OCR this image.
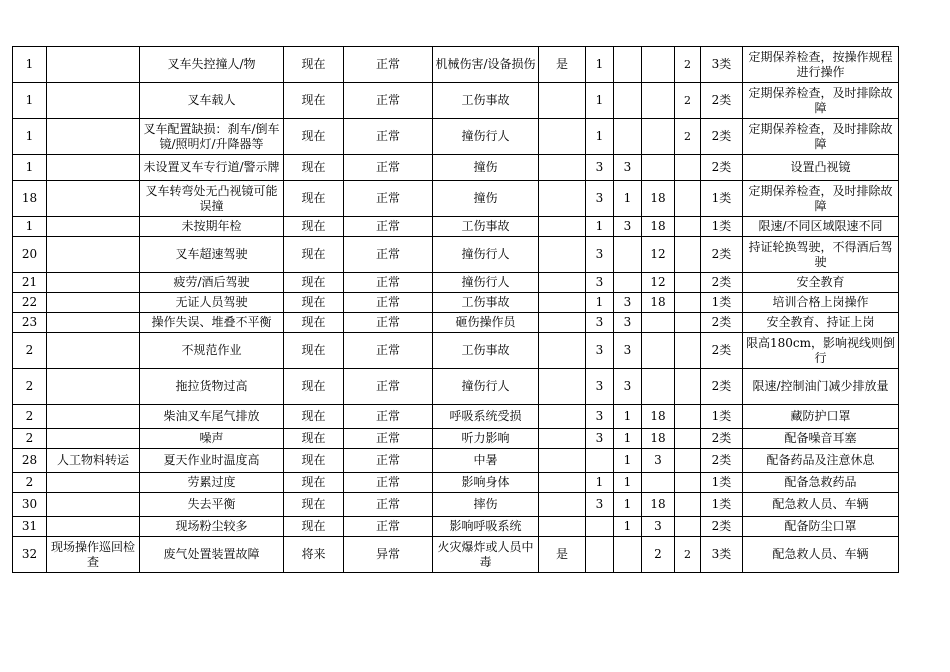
1		叉车失控撞人/物	现在	正常	机械伤害/设备损伤	是	1			2	3类	定期保养检查，按操作规程进行操作
1		叉车载人	现在	正常	工伤事故		1			2	2类	定期保养检查，及时排除故障
1		叉车配置缺损：刹车/倒车镜/照明灯/升降器等	现在	正常	撞伤行人		1			2	2类	定期保养检查，及时排除故障
1		未设置叉车专行道/警示牌	现在	正常	撞伤		3	3			2类	设置凸视镜
18		叉车转弯处无凸视镜可能误撞	现在	正常	撞伤		3	1	18		1类	定期保养检查，及时排除故障
1		未按期年检	现在	正常	工伤事故		1	3	18		1类	限速/不同区域限速不同
20		叉车超速驾驶	现在	正常	撞伤行人		3		12		2类	持证轮换驾驶，不得酒后驾驶
21		疲劳/酒后驾驶	现在	正常	撞伤行人		3		12		2类	安全教育
22		无证人员驾驶	现在	正常	工伤事故		1	3	18		1类	培训合格上岗操作
23		操作失误、堆叠不平衡	现在	正常	砸伤操作员		3	3			2类	安全教育、持证上岗
2		不规范作业	现在	正常	工伤事故		3	3			2类	限高180cm，影响视线则倒行
2		拖拉货物过高	现在	正常	撞伤行人		3	3			2类	限速/控制油门减少排放量
2		柴油叉车尾气排放	现在	正常	呼吸系统受损		3	1	18		1类	藏防护口罩
2		噪声	现在	正常	听力影响		3	1	18		2类	配备噪音耳塞
28	人工物料转运	夏天作业时温度高	现在	正常	中暑			1	3		2类	配备药品及注意休息
2		劳累过度	现在	正常	影响身体		1	1			1类	配备急救药品
30		失去平衡	现在	正常	摔伤		3	1	18		1类	配急救人员、车辆
31		现场粉尘较多	现在	正常	影响呼吸系统			1	3		2类	配备防尘口罩
32	现场操作巡回检查	废气处置装置故障	将来	异常	火灾爆炸或人员中毒	是			2	2	3类	配急救人员、车辆
